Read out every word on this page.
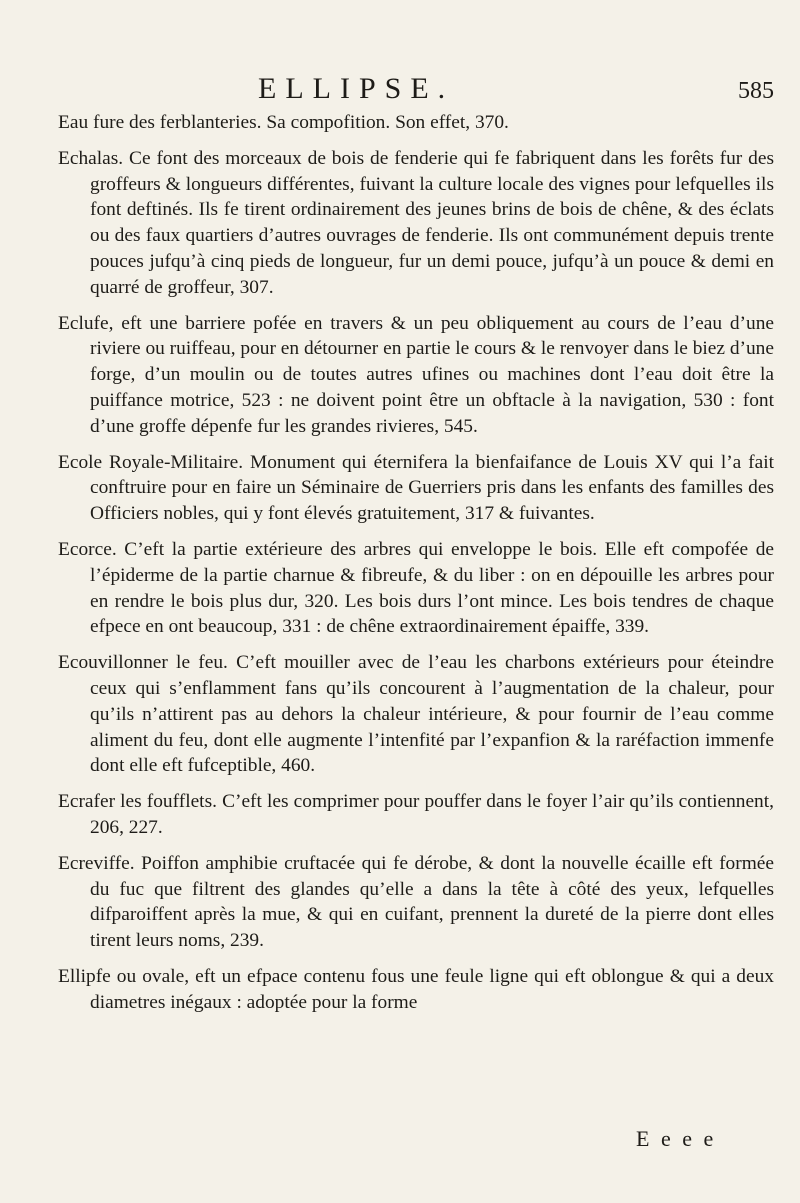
ELLIPSE.	585

Eau fure des ferblanteries. Sa compofition. Son effet, 370.

Echalas. Ce font des morceaux de bois de fenderie qui fe fabriquent dans les forêts fur des groffeurs & longueurs différentes, fuivant la culture locale des vignes pour lefquelles ils font deftinés. Ils fe tirent ordinairement des jeunes brins de bois de chêne, & des éclats ou des faux quartiers d’autres ouvrages de fenderie. Ils ont communément depuis trente pouces jufqu’à cinq pieds de longueur, fur un demi pouce, jufqu’à un pouce & demi en quarré de groffeur, 307.

Eclufe, eft une barriere pofée en travers & un peu obliquement au cours de l’eau d’une riviere ou ruiffeau, pour en détourner en partie le cours & le renvoyer dans le biez d’une forge, d’un moulin ou de toutes autres ufines ou machines dont l’eau doit être la puiffance motrice, 523 : ne doivent point être un obftacle à la navigation, 530 : font d’une groffe dépenfe fur les grandes rivieres, 545.

Ecole Royale-Militaire. Monument qui éternifera la bienfaifance de Louis XV qui l’a fait conftruire pour en faire un Séminaire de Guerriers pris dans les enfants des familles des Officiers nobles, qui y font élevés gratuitement, 317 & fuivantes.

Ecorce. C’eft la partie extérieure des arbres qui enveloppe le bois. Elle eft compofée de l’épiderme de la partie charnue & fibreufe, & du liber : on en dépouille les arbres pour en rendre le bois plus dur, 320. Les bois durs l’ont mince. Les bois tendres de chaque efpece en ont beaucoup, 331 : de chêne extraordinairement épaiffe, 339.

Ecouvillonner le feu. C’eft mouiller avec de l’eau les charbons extérieurs pour éteindre ceux qui s’enflamment fans qu’ils concourent à l’augmentation de la chaleur, pour qu’ils n’attirent pas au dehors la chaleur intérieure, & pour fournir de l’eau comme aliment du feu, dont elle augmente l’intenfité par l’expanfion & la raréfaction immenfe dont elle eft fufceptible, 460.

Ecrafer les foufflets. C’eft les comprimer pour pouffer dans le foyer l’air qu’ils contiennent, 206, 227.

Ecreviffe. Poiffon amphibie cruftacée qui fe dérobe, & dont la nouvelle écaille eft formée du fuc que filtrent des glandes qu’elle a dans la tête à côté des yeux, lefquelles difparoiffent après la mue, & qui en cuifant, prennent la dureté de la pierre dont elles tirent leurs noms, 239.

Ellipfe ou ovale, eft un efpace contenu fous une feule ligne qui eft oblongue & qui a deux diametres inégaux : adoptée pour la forme

E e e e
